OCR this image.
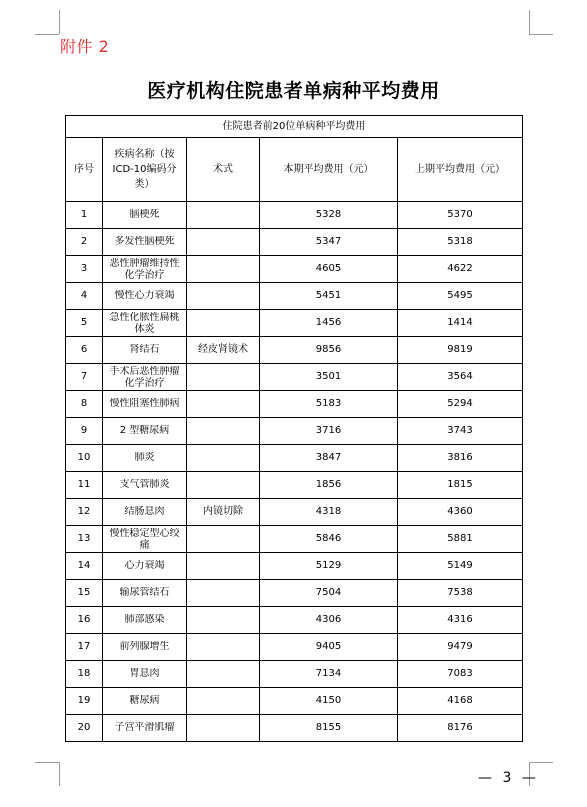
附件 2
医疗机构住院患者单病种平均费用
住院患者前20位单病种平均费用				
序号	疾病名称（按ICD-10编码分类）	术式	本期平均费用（元）	上期平均费用（元）
1	脑梗死		5328	5370
2	多发性脑梗死		5347	5318
3	恶性肿瘤维持性化学治疗		4605	4622
4	慢性心力衰竭		5451	5495
5	急性化脓性扁桃体炎		1456	1414
6	肾结石	经皮肾镜术	9856	9819
7	手术后恶性肿瘤化学治疗		3501	3564
8	慢性阻塞性肺病		5183	5294
9	2 型糖尿病		3716	3743
10	肺炎		3847	3816
11	支气管肺炎		1856	1815
12	结肠息肉	内镜切除	4318	4360
13	慢性稳定型心绞痛		5846	5881
14	心力衰竭		5129	5149
15	输尿管结石		7504	7538
16	肺部感染		4306	4316
17	前列腺增生		9405	9479
18	胃息肉		7134	7083
19	糖尿病		4150	4168
20	子宫平滑肌瘤		8155	8176
— 3 —
